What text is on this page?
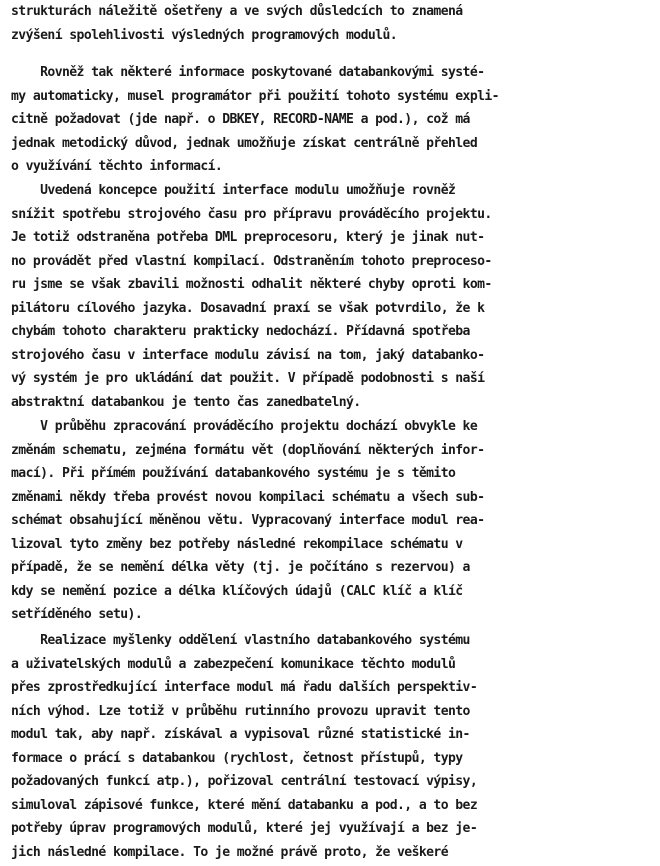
strukturách náležitě ošetřeny a ve svých důsledcích to znamená
zvýšení spolehlivosti výsledných programových modulů.
Rovněž tak některé informace poskytované databankovými systé-
my automaticky, musel programátor při použití tohoto systému expli-
citně požadovat (jde např. o DBKEY, RECORD-NAME a pod.), což má
jednak metodický důvod, jednak umožňuje získat centrálně přehled
o využívání těchto informací.
Uvedená koncepce použití interface modulu umožňuje rovněž
snížit spotřebu strojového času pro přípravu prováděcího projektu.
Je totiž odstraněna potřeba DML preprocesoru, který je jinak nut-
no provádět před vlastní kompilací. Odstraněním tohoto preproceso-
ru jsme se však zbavili možnosti odhalit některé chyby oproti kom-
pilátoru cílového jazyka. Dosavadní praxí se však potvrdilo, že k
chybám tohoto charakteru prakticky nedochází. Přídavná spotřeba
strojového času v interface modulu závisí na tom, jaký databanko-
vý systém je pro ukládání dat použit. V případě podobnosti s naší
abstraktní databankou je tento čas zanedbatelný.
V průběhu zpracování prováděcího projektu dochází obvykle ke
změnám schematu, zejména formátu vět (doplňování některých infor-
mací). Při přímém používání databankového systému je s těmito
změnami někdy třeba provést novou kompilaci schématu a všech sub-
schémat obsahující měněnou větu. Vypracovaný interface modul rea-
lizoval tyto změny bez potřeby následné rekompilace schématu v
případě, že se nemění délka věty (tj. je počítáno s rezervou) a
kdy se nemění pozice a délka klíčových údajů (CALC klíč a klíč
setříděného setu).
Realizace myšlenky oddělení vlastního databankového systému
a uživatelských modulů a zabezpečení komunikace těchto modulů
přes zprostředkující interface modul má řadu dalších perspektiv-
ních výhod. Lze totiž v průběhu rutinního provozu upravit tento
modul tak, aby např. získával a vypisoval různé statistické in-
formace o prácí s databankou (rychlost, četnost přístupů, typy
požadovaných funkcí atp.), pořizoval centrální testovací výpisy,
simuloval zápisové funkce, které mění databanku a pod., a to bez
potřeby úprav programových modulů, které jej využívají a bez je-
jich následné kompilace. To je možné právě proto, že veškeré
